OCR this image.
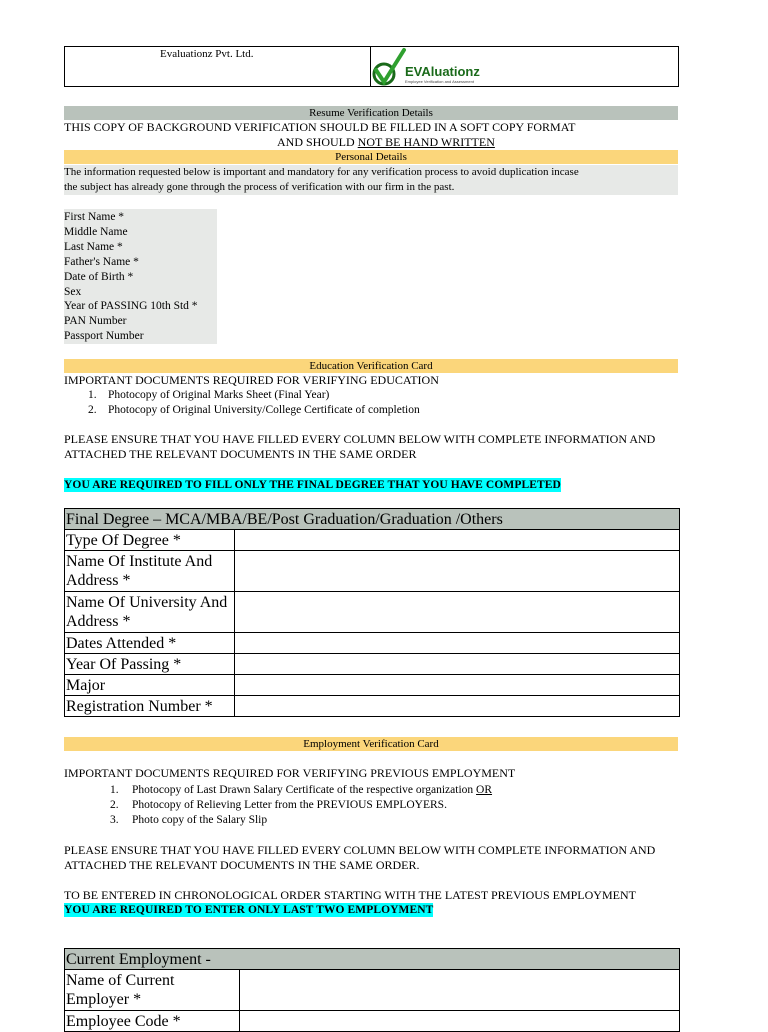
Evaluationz Pvt. Ltd.
EVAluationz
Employee Verification and Assessment
Resume Verification Details
THIS COPY OF BACKGROUND VERIFICATION SHOULD BE FILLED IN A SOFT COPY FORMAT
AND SHOULD NOT BE HAND WRITTEN
Personal Details
The information requested below is important and mandatory for any verification process to avoid duplication incase
the subject has already gone through the process of verification with our firm in the past.
First Name *
Middle Name
Last Name *
Father's Name *
Date of Birth *
Sex
Year of PASSING 10th Std *
PAN Number
Passport Number
Education Verification Card
IMPORTANT DOCUMENTS REQUIRED FOR VERIFYING EDUCATION
1. Photocopy of Original Marks Sheet (Final Year)
2. Photocopy of Original University/College Certificate of completion
PLEASE ENSURE THAT YOU HAVE FILLED EVERY COLUMN BELOW WITH COMPLETE INFORMATION AND
ATTACHED THE RELEVANT DOCUMENTS IN THE SAME ORDER
YOU ARE REQUIRED TO FILL ONLY THE FINAL DEGREE THAT YOU HAVE COMPLETED
Final Degree – MCA/MBA/BE/Post Graduation/Graduation /Others	
Type Of Degree *	
Name Of Institute And Address *	
Name Of University And Address *	
Dates Attended *	
Year Of Passing *	
Major	
Registration Number *	
Employment Verification Card
IMPORTANT DOCUMENTS REQUIRED FOR VERIFYING PREVIOUS EMPLOYMENT
1. Photocopy of Last Drawn Salary Certificate of the respective organization OR
2. Photocopy of Relieving Letter from the PREVIOUS EMPLOYERS.
3. Photo copy of the Salary Slip
PLEASE ENSURE THAT YOU HAVE FILLED EVERY COLUMN BELOW WITH COMPLETE INFORMATION AND
ATTACHED THE RELEVANT DOCUMENTS IN THE SAME ORDER.
TO BE ENTERED IN CHRONOLOGICAL ORDER STARTING WITH THE LATEST PREVIOUS EMPLOYMENT
YOU ARE REQUIRED TO ENTER ONLY LAST TWO EMPLOYMENT
Current Employment -	
Name of Current Employer *	
Employee Code *	
